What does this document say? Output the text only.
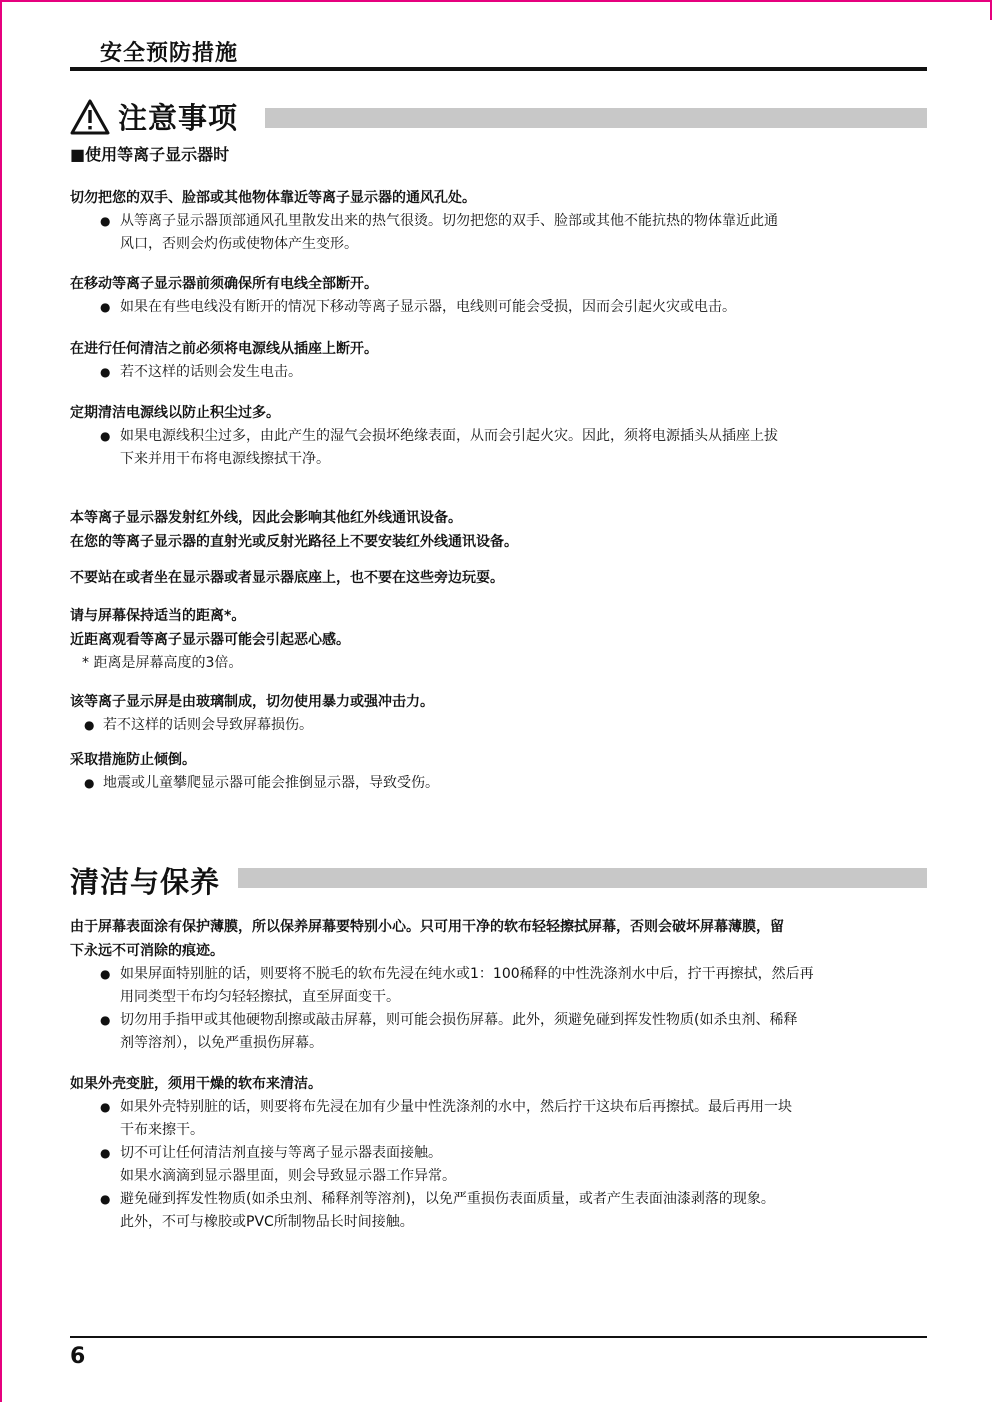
安全预防措施
注意事项
■使用等离子显示器时
切勿把您的双手、脸部或其他物体靠近等离子显示器的通风孔处。
● 从等离子显示器顶部通风孔里散发出来的热气很烫。切勿把您的双手、脸部或其他不能抗热的物体靠近此通
风口，否则会灼伤或使物体产生变形。
在移动等离子显示器前须确保所有电线全部断开。
● 如果在有些电线没有断开的情况下移动等离子显示器，电线则可能会受损，因而会引起火灾或电击。
在进行任何清洁之前必须将电源线从插座上断开。
● 若不这样的话则会发生电击。
定期清洁电源线以防止积尘过多。
● 如果电源线积尘过多，由此产生的湿气会损坏绝缘表面，从而会引起火灾。因此，须将电源插头从插座上拔
下来并用干布将电源线擦拭干净。
本等离子显示器发射红外线，因此会影响其他红外线通讯设备。
在您的等离子显示器的直射光或反射光路径上不要安装红外线通讯设备。
不要站在或者坐在显示器或者显示器底座上，也不要在这些旁边玩耍。
请与屏幕保持适当的距离*。
近距离观看等离子显示器可能会引起恶心感。
* 距离是屏幕高度的3倍。
该等离子显示屏是由玻璃制成，切勿使用暴力或强冲击力。
● 若不这样的话则会导致屏幕损伤。
采取措施防止倾倒。
● 地震或儿童攀爬显示器可能会推倒显示器，导致受伤。
清洁与保养
由于屏幕表面涂有保护薄膜，所以保养屏幕要特别小心。只可用干净的软布轻轻擦拭屏幕，否则会破坏屏幕薄膜，留
下永远不可消除的痕迹。
● 如果屏面特别脏的话，则要将不脱毛的软布先浸在纯水或1：100稀释的中性洗涤剂水中后，拧干再擦拭，然后再
用同类型干布均匀轻轻擦拭，直至屏面变干。
● 切勿用手指甲或其他硬物刮擦或敲击屏幕，则可能会损伤屏幕。此外，须避免碰到挥发性物质(如杀虫剂、稀释
剂等溶剂），以免严重损伤屏幕。
如果外壳变脏，须用干燥的软布来清洁。
● 如果外壳特别脏的话，则要将布先浸在加有少量中性洗涤剂的水中，然后拧干这块布后再擦拭。最后再用一块
干布来擦干。
● 切不可让任何清洁剂直接与等离子显示器表面接触。
如果水滴滴到显示器里面，则会导致显示器工作异常。
● 避免碰到挥发性物质(如杀虫剂、稀释剂等溶剂)，以免严重损伤表面质量，或者产生表面油漆剥落的现象。
此外，不可与橡胶或PVC所制物品长时间接触。
6
